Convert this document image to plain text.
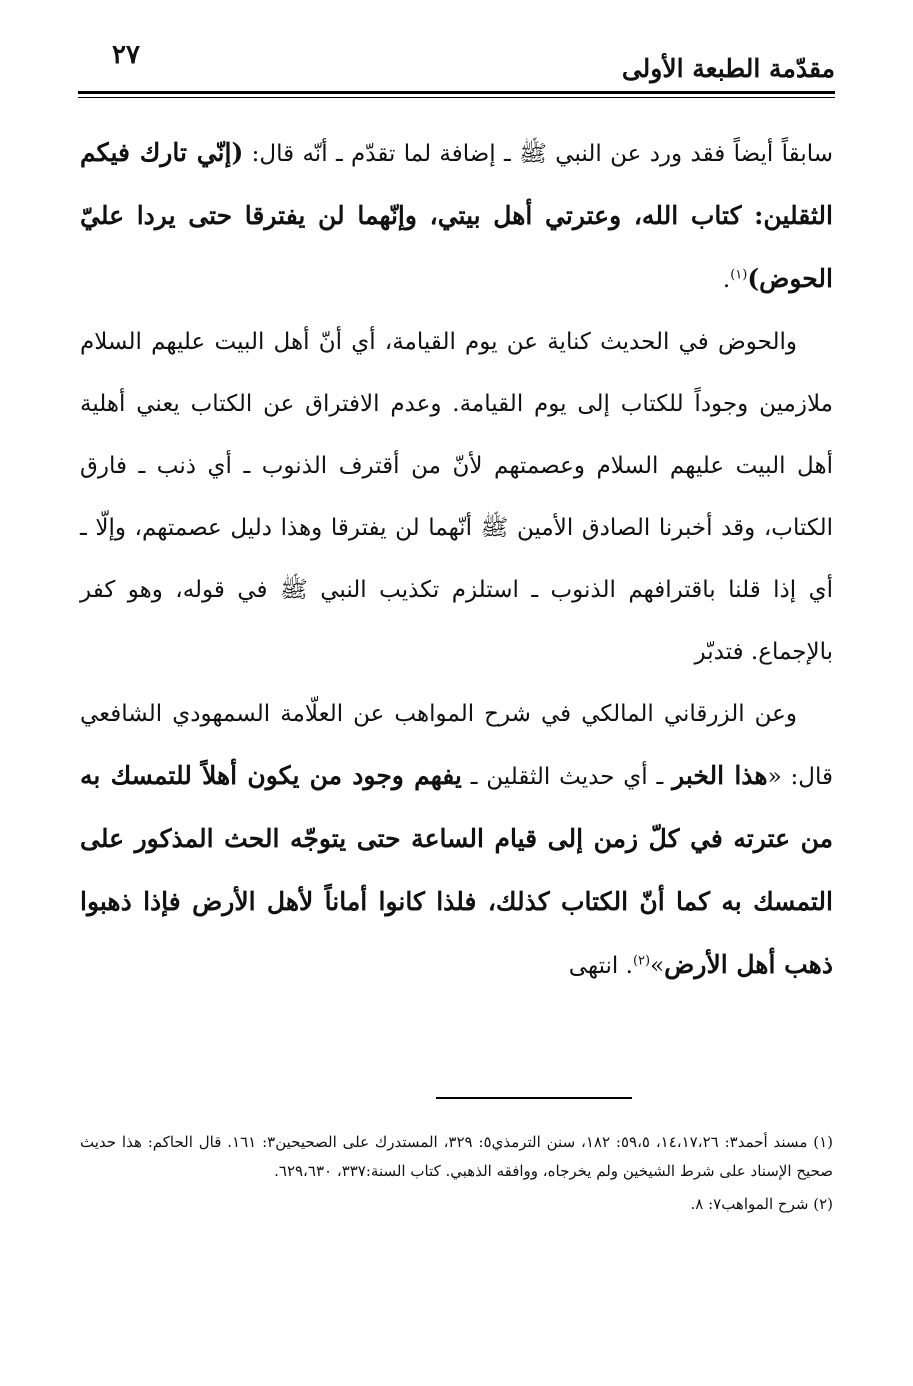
٢٧	مقدّمة الطبعة الأولى

سابقاً أيضاً فقد ورد عن النبي ﷺ ـ إضافة لما تقدّم ـ أنّه قال: (إنّي تارك فيكم الثقلين: كتاب الله، وعترتي أهل بيتي، وإنّهما لن يفترقا حتى يردا عليّ الحوض)$^{(١)}$.

والحوض في الحديث كناية عن يوم القيامة، أي أنّ أهل البيت عليهم السلام ملازمين وجوداً للكتاب إلى يوم القيامة. وعدم الافتراق عن الكتاب يعني أهلية أهل البيت عليهم السلام وعصمتهم لأنّ من أقترف الذنوب ـ أي ذنب ـ فارق الكتاب، وقد أخبرنا الصادق الأمين ﷺ أنّهما لن يفترقا وهذا دليل عصمتهم، وإلّا ـ أي إذا قلنا باقترافهم الذنوب ـ استلزم تكذيب النبي ﷺ في قوله، وهو كفر بالإجماع. فتدبّر

وعن الزرقاني المالكي في شرح المواهب عن العلّامة السمهودي الشافعي قال: «هذا الخبر ـ أي حديث الثقلين ـ يفهم وجود من يكون أهلاً للتمسك به من عترته في كلّ زمن إلى قيام الساعة حتى يتوجّه الحث المذكور على التمسك به كما أنّ الكتاب كذلك، فلذا كانوا أماناً لأهل الأرض فإذا ذهبوا ذهب أهل الأرض»$^{(٢)}$. انتهى

(١) مسند أحمد٣: ١٤،١٧،٢٦، ٥٩،٥: ١٨٢، سنن الترمذي٥: ٣٢٩، المستدرك على الصحيحين٣: ١٦١. قال الحاكم: هذا حديث صحيح الإسناد على شرط الشيخين ولم يخرجاه، ووافقه الذهبي. كتاب السنة:٣٣٧، ٦٢٩،٦٣٠.

(٢) شرح المواهب٧: ٨.
